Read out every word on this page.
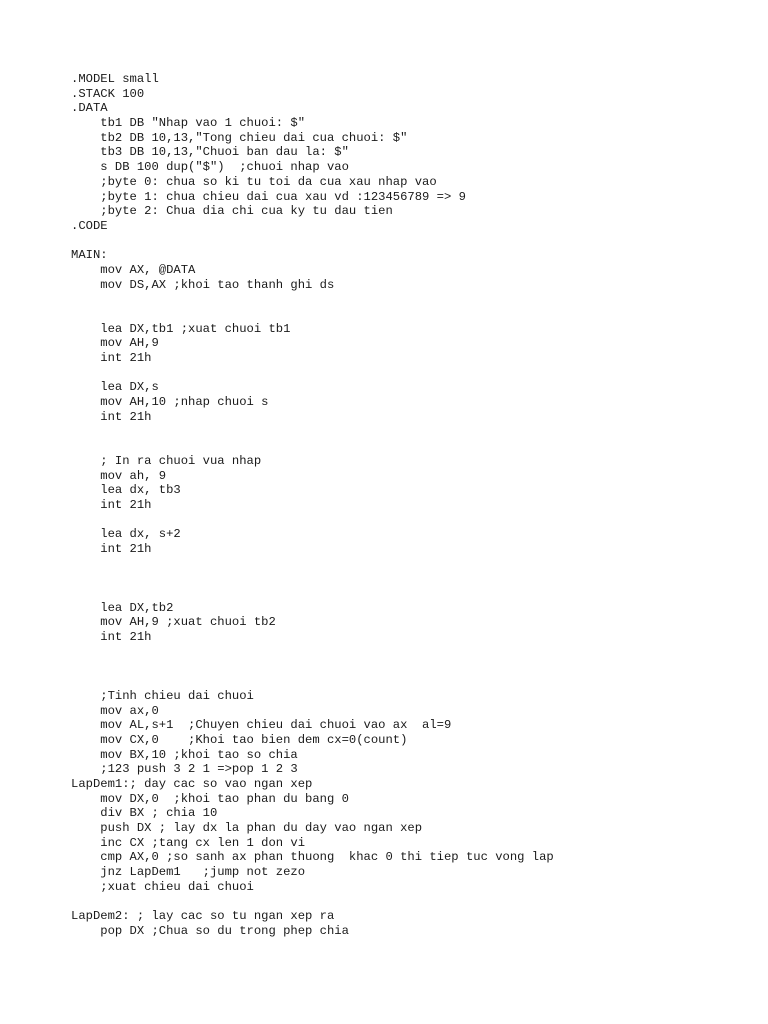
.MODEL small
.STACK 100
.DATA
tb1 DB "Nhap vao 1 chuoi: $"
tb2 DB 10,13,"Tong chieu dai cua chuoi: $"
tb3 DB 10,13,"Chuoi ban dau la: $"
s DB 100 dup("$")  ;chuoi nhap vao
;byte 0: chua so ki tu toi da cua xau nhap vao
;byte 1: chua chieu dai cua xau vd :123456789 => 9
;byte 2: Chua dia chi cua ky tu dau tien
.CODE
MAIN:
mov AX, @DATA
mov DS,AX ;khoi tao thanh ghi ds
lea DX,tb1 ;xuat chuoi tb1
mov AH,9
int 21h
lea DX,s
mov AH,10 ;nhap chuoi s
int 21h
; In ra chuoi vua nhap
mov ah, 9
lea dx, tb3
int 21h
lea dx, s+2
int 21h
lea DX,tb2
mov AH,9 ;xuat chuoi tb2
int 21h
;Tinh chieu dai chuoi
mov ax,0
mov AL,s+1  ;Chuyen chieu dai chuoi vao ax  al=9
mov CX,0    ;Khoi tao bien dem cx=0(count)
mov BX,10 ;khoi tao so chia
;123 push 3 2 1 =>pop 1 2 3
LapDem1:; day cac so vao ngan xep
mov DX,0  ;khoi tao phan du bang 0
div BX ; chia 10
push DX ; lay dx la phan du day vao ngan xep
inc CX ;tang cx len 1 don vi
cmp AX,0 ;so sanh ax phan thuong  khac 0 thi tiep tuc vong lap
jnz LapDem1   ;jump not zezo
;xuat chieu dai chuoi
LapDem2: ; lay cac so tu ngan xep ra
pop DX ;Chua so du trong phep chia
